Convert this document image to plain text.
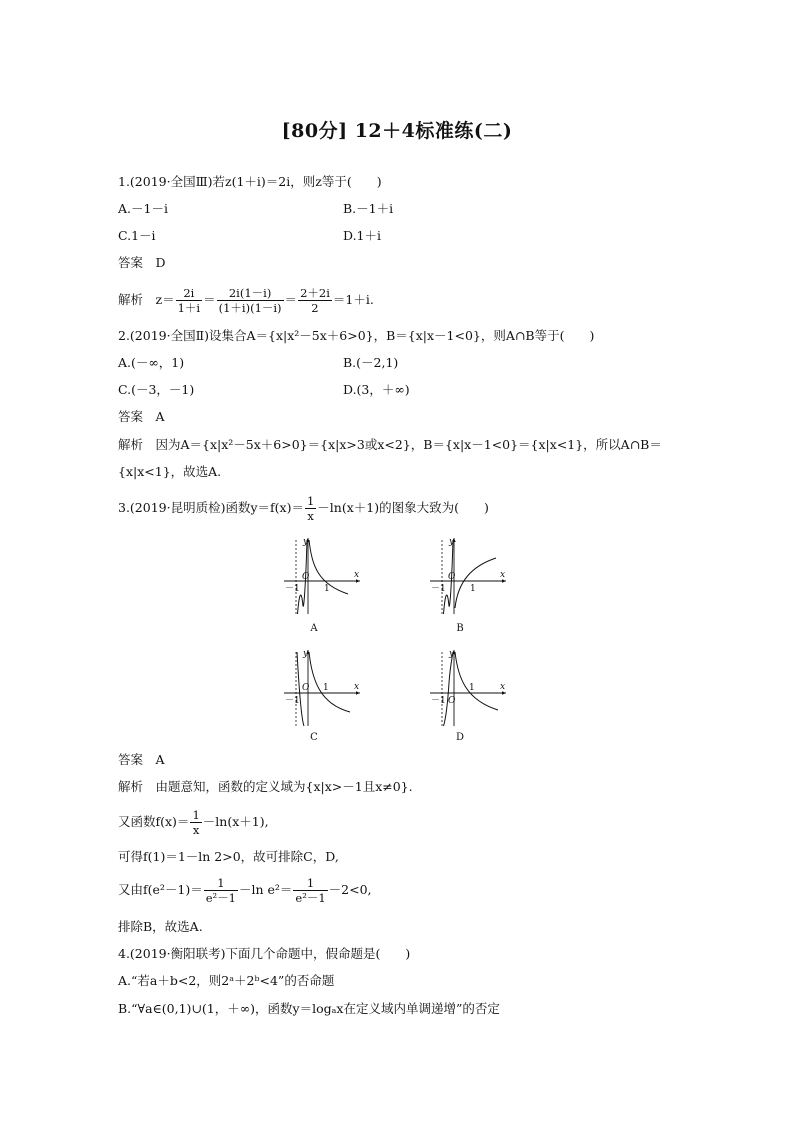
[80分] 12＋4标准练(二)
1.(2019·全国Ⅲ)若z(1＋i)＝2i，则z等于(　　)
A.－1－i	B.－1＋i
C.1－i	D.1＋i
答案　D
解析　$z= \frac{2i}{1+i} = \frac{2i(1-i)}{(1+i)(1-i)} = \frac{2+2i}{2} =1+i$.
2.(2019·全国Ⅱ)设集合A＝{x|x²－5x＋6>0}，B＝{x|x－1<0}，则A∩B等于(　　)
A.(－∞，1)	B.(－2,1)
C.(－3，－1)	D.(3，＋∞)
答案　A
解析　因为A＝{x|x²－5x＋6>0}＝{x|x>3或x<2}，B＝{x|x－1<0}＝{x|x<1}，所以A∩B＝
{x|x<1}，故选A.
3.(2019·昆明质检)函数$y=f(x)= \frac{1}{x} -\ln(x+1)$的图象大致为(　　)
y
x
O
－1	1
A
y
x
O
－1	1
B
y
x
O
－1
1
C
y
x
O
－1
1
D
答案　A
解析　由题意知，函数的定义域为{x|x>－1且x≠0}.
又函数$f(x)= \frac{1}{x} -\ln(x+1)$,
可得f(1)＝1－ln 2>0，故可排除C，D,
又由$f(e^2-1)= \frac{1}{\text{e²－1}} -\ln$ $e^2= \frac{1}{\text{e²－1}} -2<0$,
排除B，故选A.
4.(2019·衡阳联考)下面几个命题中，假命题是(　　)
A.“若a＋b<2，则2ᵃ＋2ᵇ<4”的否命题
B.“∀a∈(0,1)∪(1，＋∞)，函数y＝logₐx在定义域内单调递增”的否定
